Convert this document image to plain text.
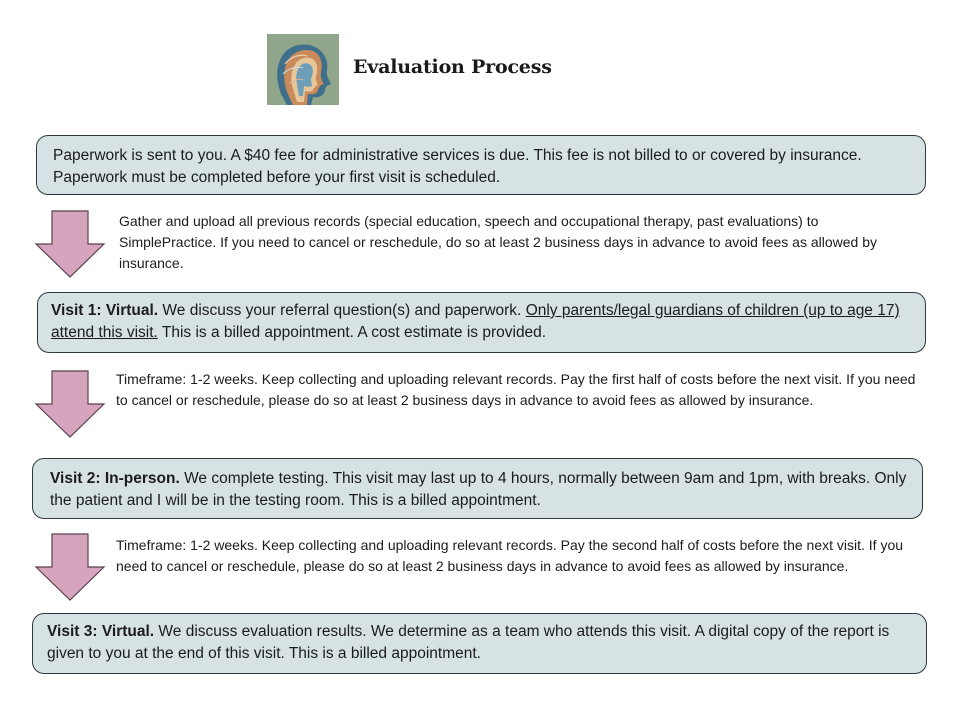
Evaluation Process
Paperwork is sent to you. A $40 fee for administrative services is due. This fee is not billed to or covered by insurance. Paperwork must be completed before your first visit is scheduled.
Gather and upload all previous records (special education, speech and occupational therapy, past evaluations) to SimplePractice. If you need to cancel or reschedule, do so at least 2 business days in advance to avoid fees as allowed by insurance.
Visit 1: Virtual. We discuss your referral question(s) and paperwork. Only parents/legal guardians of children (up to age 17) attend this visit. This is a billed appointment. A cost estimate is provided.
Timeframe: 1-2 weeks. Keep collecting and uploading relevant records. Pay the first half of costs before the next visit. If you need to cancel or reschedule, please do so at least 2 business days in advance to avoid fees as allowed by insurance.
Visit 2: In-person. We complete testing. This visit may last up to 4 hours, normally between 9am and 1pm, with breaks. Only the patient and I will be in the testing room. This is a billed appointment.
Timeframe: 1-2 weeks. Keep collecting and uploading relevant records. Pay the second half of costs before the next visit. If you need to cancel or reschedule, please do so at least 2 business days in advance to avoid fees as allowed by insurance.
Visit 3: Virtual. We discuss evaluation results. We determine as a team who attends this visit. A digital copy of the report is given to you at the end of this visit. This is a billed appointment.
